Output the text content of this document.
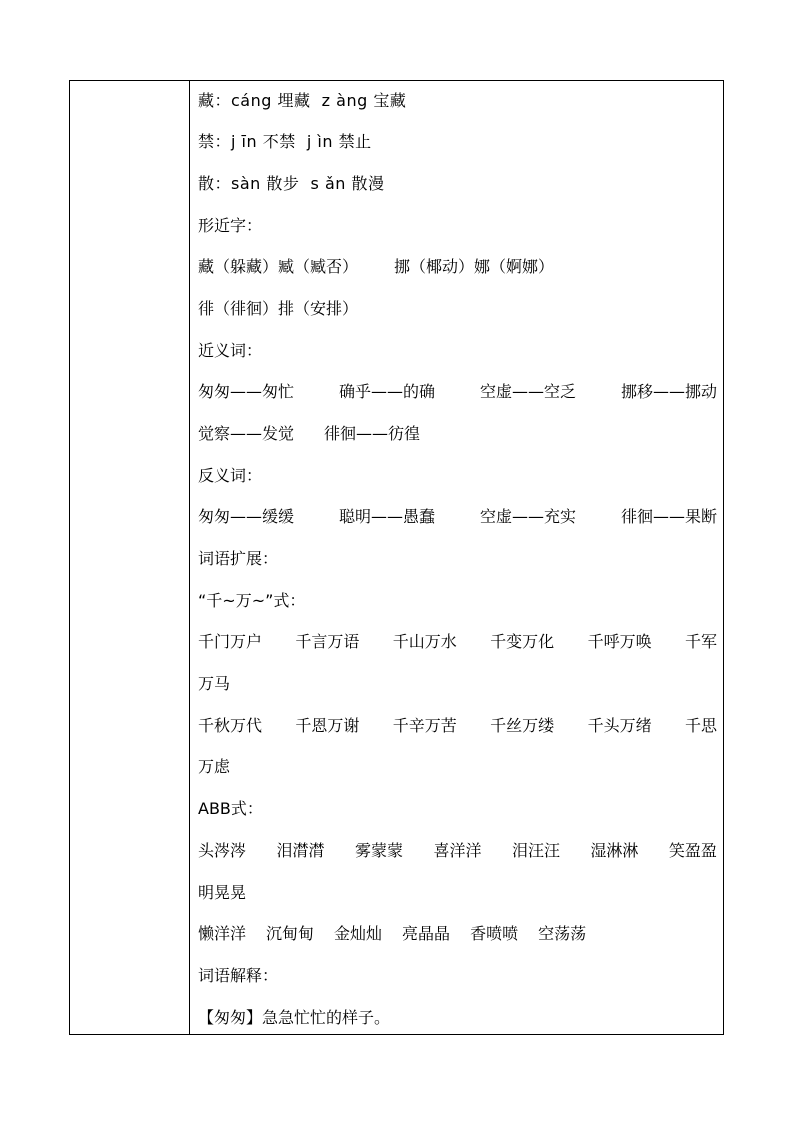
藏：cáng 埋藏 z àng 宝藏
禁：j īn 不禁 j ìn 禁止
散：sàn 散步 s ǎn 散漫
形近字：
藏（躲藏）臧（臧否） 挪（椰动）娜（婀娜）
徘（徘徊）排（安排）
近义词：
匆匆——匆忙	确乎——的确	空虚——空乏	挪移——挪动
觉察——发觉 徘徊——彷徨
反义词：
匆匆——缓缓	聪明——愚蠢	空虚——充实	徘徊——果断
词语扩展：
“千~万~”式：
千门万户 千言万语 千山万水 千变万化 千呼万唤 千军
万马
千秋万代 千恩万谢 千辛万苦 千丝万缕 千头万绪 千思
万虑
ABB式：
头涔涔 泪潸潸 雾蒙蒙 喜洋洋 泪汪汪 湿淋淋 笑盈盈
明晃晃
懒洋洋 沉甸甸 金灿灿 亮晶晶 香喷喷 空荡荡
词语解释：
【匆匆】急急忙忙的样子。
